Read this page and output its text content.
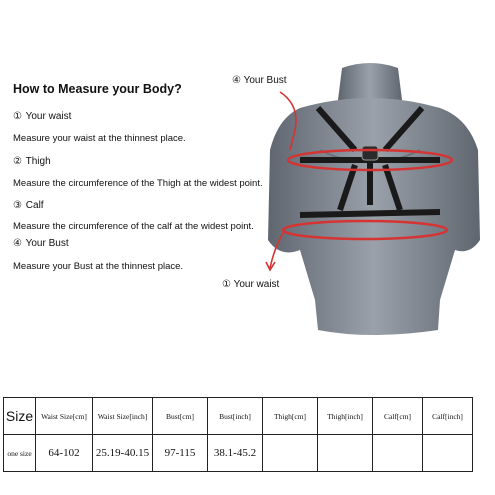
How to Measure your Body?
① Your waist
Measure your waist at the thinnest place.
② Thigh
Measure the circumference of the Thigh at the widest point.
③ Calf
Measure the circumference of the calf at the widest point.
④ Your Bust
Measure your Bust at the thinnest place.
④ Your Bust
① Your waist
Size	Waist Size[cm]	Waist Size[inch]	Bust[cm]	Bust[inch]	Thigh[cm]	Thigh[inch]	Calf[cm]	Calf[inch]
one size	64-102	25.19-40.15	97-115	38.1-45.2				
